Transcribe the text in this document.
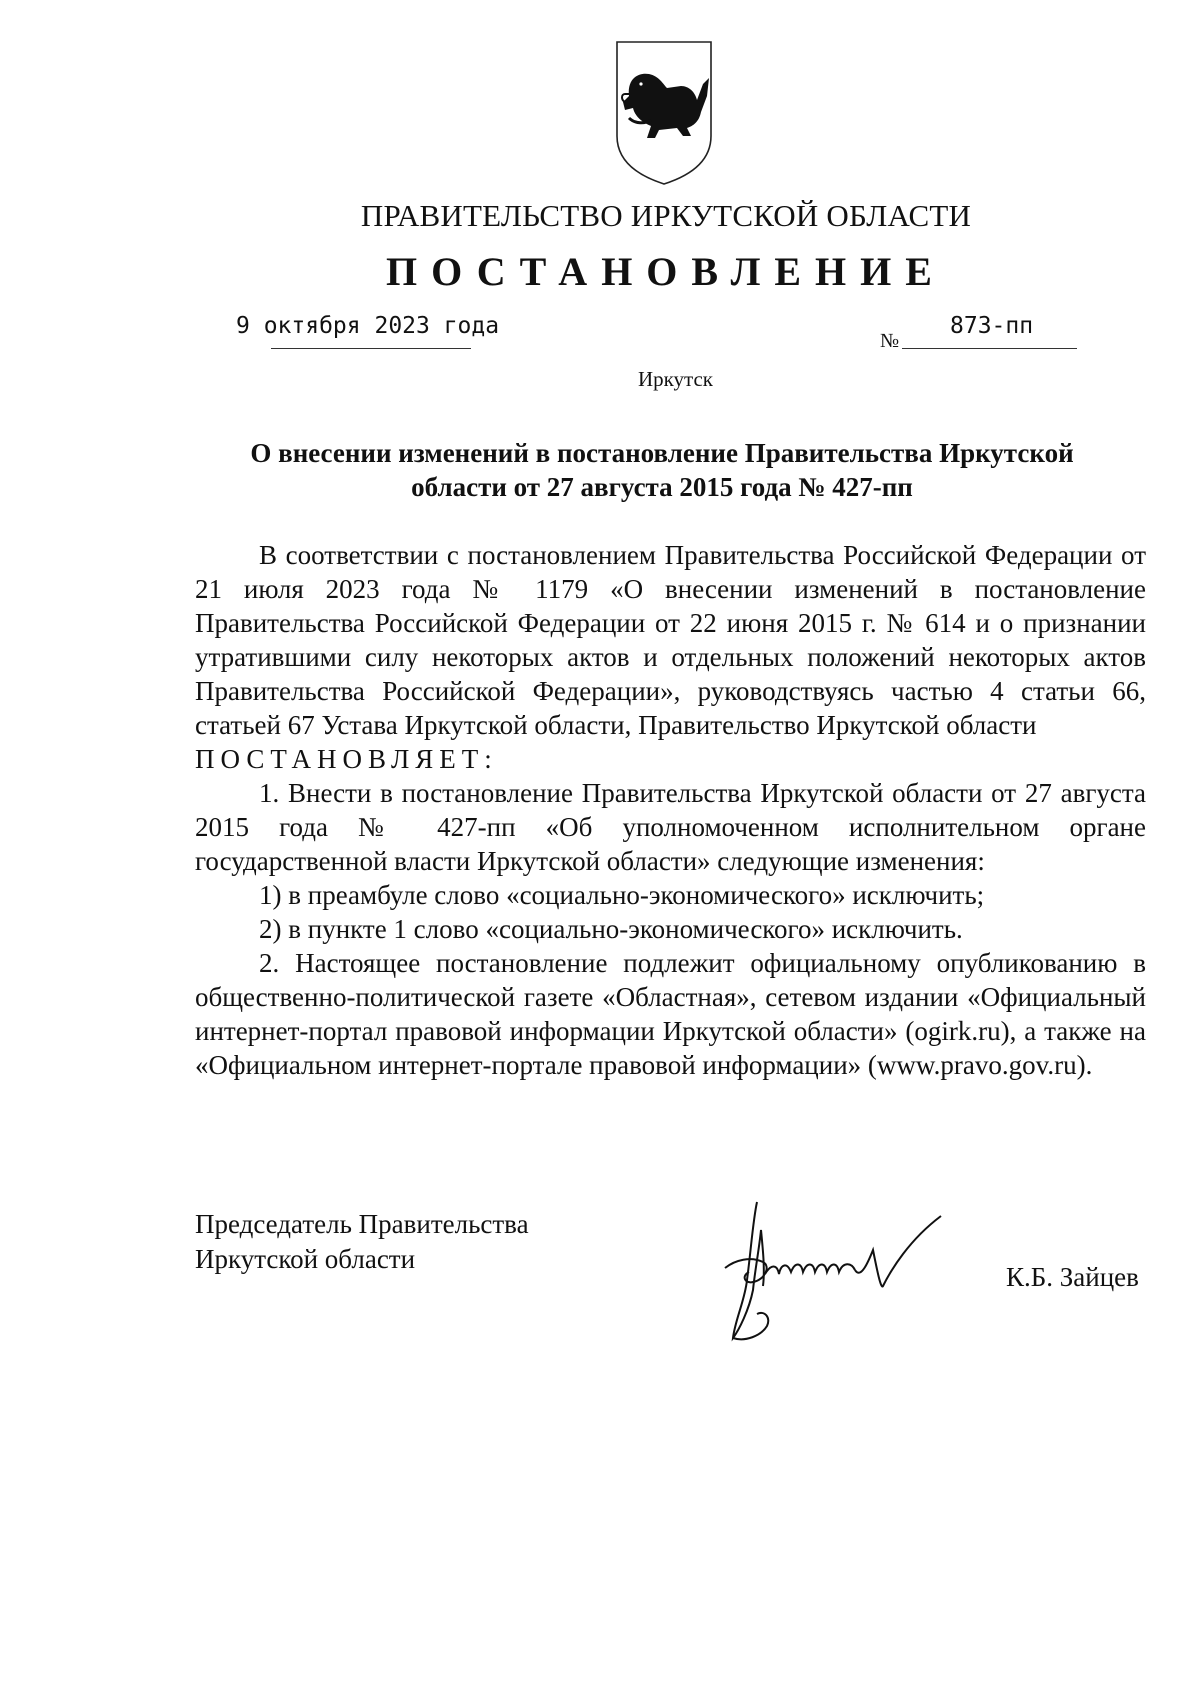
ПРАВИТЕЛЬСТВО ИРКУТСКОЙ ОБЛАСТИ
ПОСТАНОВЛЕНИЕ
9 октября 2023 года
№
873-пп
Иркутск
О внесении изменений в постановление Правительства Иркутской
области от 27 августа 2015 года № 427-пп

В соответствии с постановлением Правительства Российской Федерации от 21 июля 2023 года № 1179 «О внесении изменений в постановление Правительства Российской Федерации от 22 июня 2015 г. № 614 и о признании утратившими силу некоторых актов и отдельных положений некоторых актов Правительства Российской Федерации», руководствуясь частью 4 статьи 66, статьей 67 Устава Иркутской области, Правительство Иркутской области

ПОСТАНОВЛЯЕТ:

1. Внести в постановление Правительства Иркутской области от 27 августа 2015 года № 427-пп «Об уполномоченном исполнительном органе государственной власти Иркутской области» следующие изменения:

1) в преамбуле слово «социально-экономического» исключить;

2) в пункте 1 слово «социально-экономического» исключить.

2. Настоящее постановление подлежит официальному опубликованию в общественно-политической газете «Областная», сетевом издании «Официальный интернет-портал правовой информации Иркутской области» (ogirk.ru), а также на «Официальном интернет-портале правовой информации» (www.pravo.gov.ru).

Председатель Правительства
Иркутской области
К.Б. Зайцев
